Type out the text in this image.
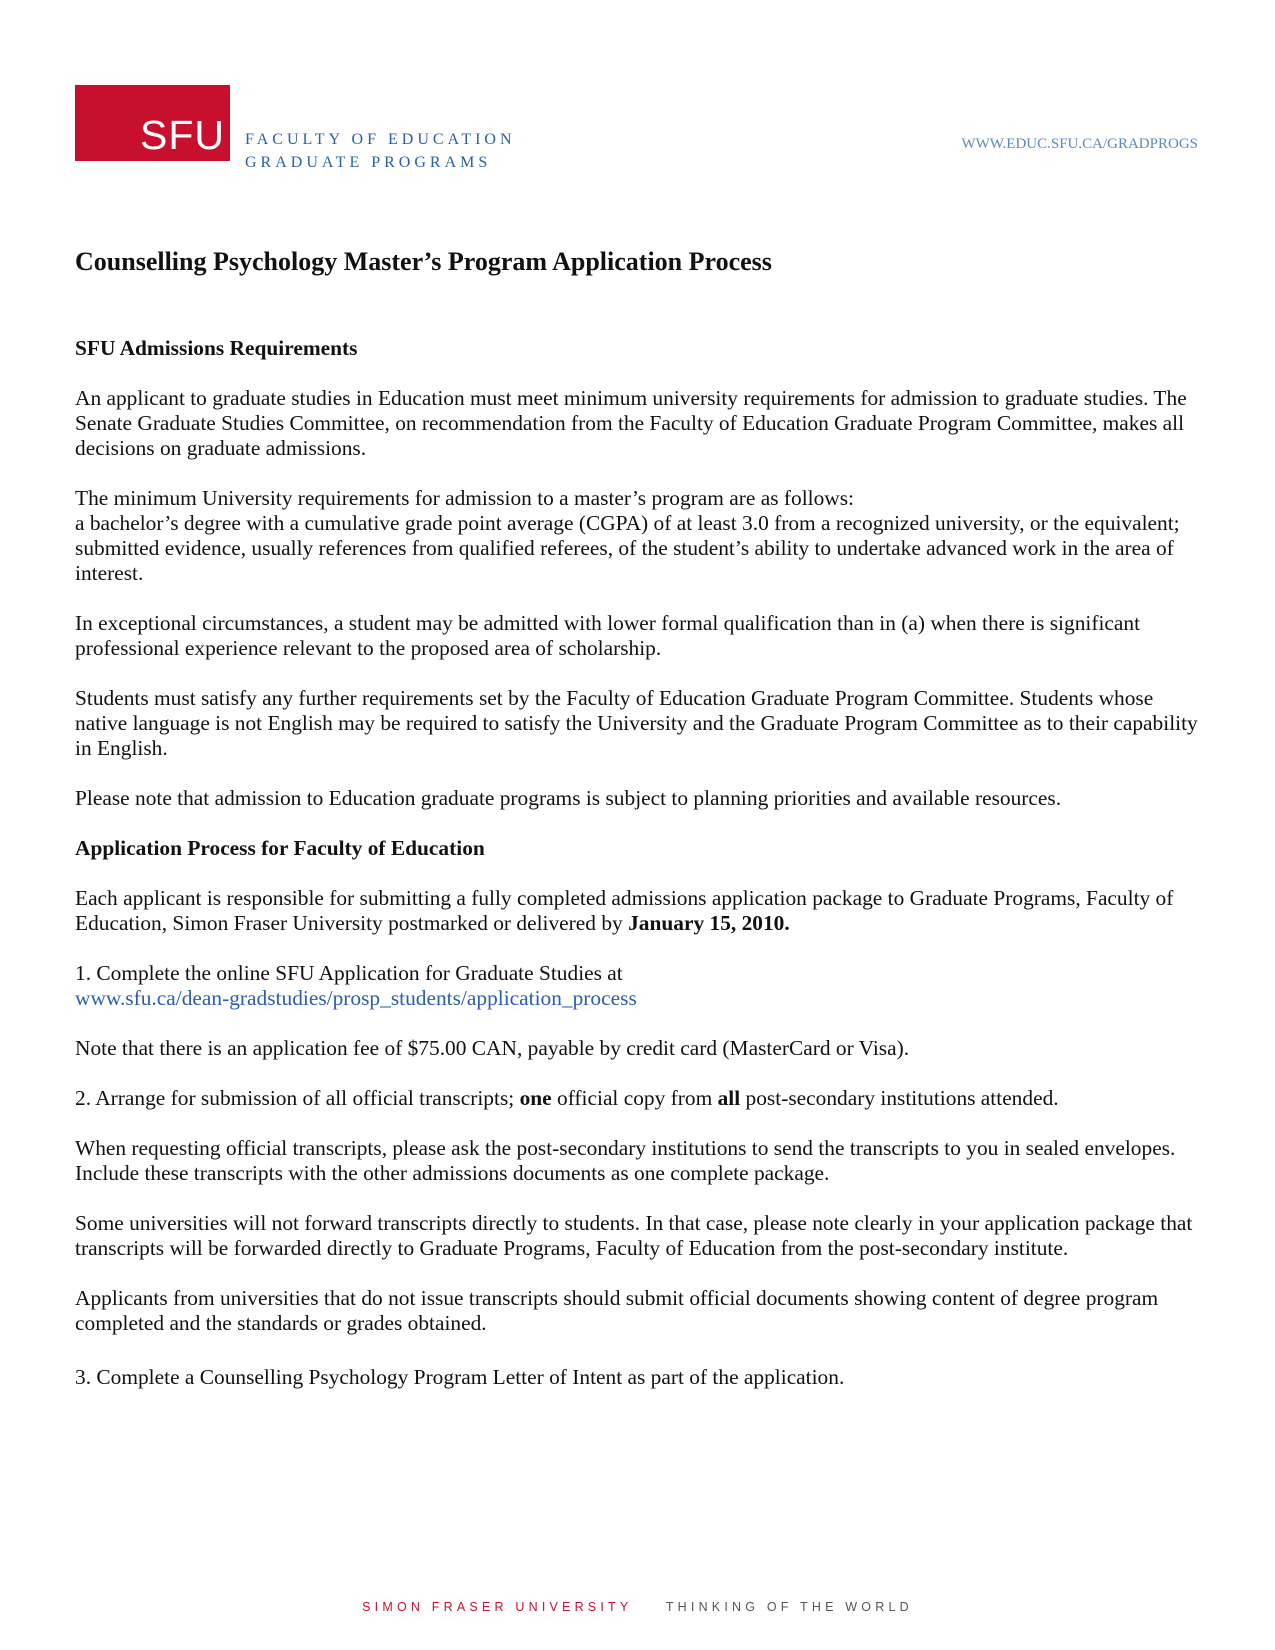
SFU FACULTY OF EDUCATION
GRADUATE PROGRAMS
WWW.EDUC.SFU.CA/GRADPROGS
Counselling Psychology Master’s Program Application Process
SFU Admissions Requirements

An applicant to graduate studies in Education must meet minimum university requirements for admission to graduate studies. The Senate Graduate Studies Committee, on recommendation from the Faculty of Education Graduate Program Committee, makes all decisions on graduate admissions.

The minimum University requirements for admission to a master’s program are as follows:
a bachelor’s degree with a cumulative grade point average (CGPA) of at least 3.0 from a recognized university, or the equivalent; submitted evidence, usually references from qualified referees, of the student’s ability to undertake advanced work in the area of interest.

In exceptional circumstances, a student may be admitted with lower formal qualification than in (a) when there is significant professional experience relevant to the proposed area of scholarship.

Students must satisfy any further requirements set by the Faculty of Education Graduate Program Committee. Students whose native language is not English may be required to satisfy the University and the Graduate Program Committee as to their capability in English.

Please note that admission to Education graduate programs is subject to planning priorities and available resources.

Application Process for Faculty of Education

Each applicant is responsible for submitting a fully completed admissions application package to Graduate Programs, Faculty of Education, Simon Fraser University postmarked or delivered by January 15, 2010.

1. Complete the online SFU Application for Graduate Studies at
www.sfu.ca/dean-gradstudies/prosp_students/application_process

Note that there is an application fee of $75.00 CAN, payable by credit card (MasterCard or Visa).

2. Arrange for submission of all official transcripts; one official copy from all post-secondary institutions attended.

When requesting official transcripts, please ask the post-secondary institutions to send the transcripts to you in sealed envelopes. Include these transcripts with the other admissions documents as one complete package.

Some universities will not forward transcripts directly to students. In that case, please note clearly in your application package that transcripts will be forwarded directly to Graduate Programs, Faculty of Education from the post-secondary institute.

Applicants from universities that do not issue transcripts should submit official documents showing content of degree program completed and the standards or grades obtained.

3. Complete a Counselling Psychology Program Letter of Intent as part of the application.

SIMON FRASER UNIVERSITY	THINKING OF THE WORLD
